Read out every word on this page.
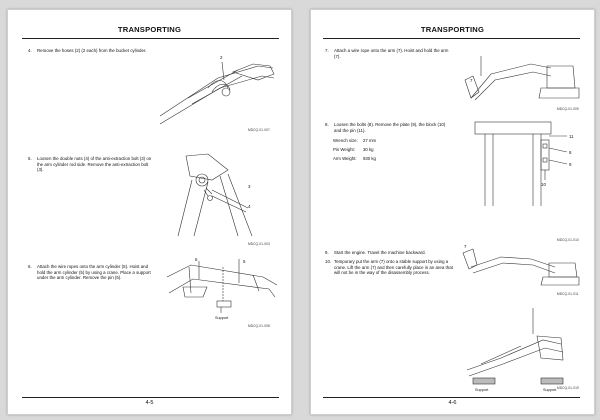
TRANSPORTING
4.	Remove the hoses (2) (2 each) from the bucket cylinder.
2
MDCQ-01-007
5.	Loosen the double nuts (4) of the anti-extraction bolt (3) on the arm cylinder rod side. Remove the anti-extraction bolt (3).
3
4
MDCQ-01-003
6.	Attach the wire ropes onto the arm cylinder (5). Hoist and hold the arm cylinder (5) by using a crane. Place a support under the arm cylinder. Remove the pin (6).
6	5
Support
MDCQ-01-008
4-5
TRANSPORTING
7.	Attach a wire rope onto the arm (7). Hoist and hold the arm (7).
7
MDCQ-01-009
8.	Loosen the bolts (8). Remove the plate (9), the block (10) and the pin (11).
Wrench size:	27 mm
Pin Weight:	30 kg
Arm Weight:	930 kg
11
8
9
10
MDCQ-01-010
9.	Start the engine. Travel the machine backward.
10. Temporary put the arm (7) onto a stable support by using a crane. Lift the arm (7) and then carefully place in an area that will not be in the way of the disassembly process.
7
MDCQ-01-011
Support	Support MDCQ-01-019
4-6
